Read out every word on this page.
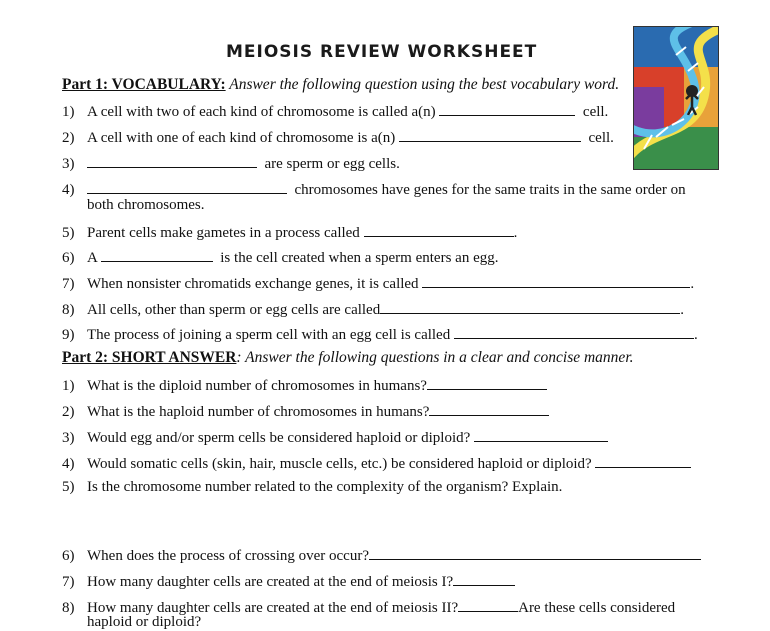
MEIOSIS REVIEW WORKSHEET
Part 1: VOCABULARY: Answer the following question using the best vocabulary word.
1) A cell with two of each kind of chromosome is called a(n)	cell.
2) A cell with one of each kind of chromosome is a(n)	cell.
3)	are sperm or egg cells.
4)	chromosomes have genes for the same traits in the same order on
both chromosomes.
5) Parent cells make gametes in a process called	.
6) A	is the cell created when a sperm enters an egg.
7) When nonsister chromatids exchange genes, it is called	.
8) All cells, other than sperm or egg cells are called	.
9) The process of joining a sperm cell with an egg cell is called	.
Part 2: SHORT ANSWER: Answer the following questions in a clear and concise manner.
1) What is the diploid number of chromosomes in humans?
2) What is the haploid number of chromosomes in humans?
3) Would egg and/or sperm cells be considered haploid or diploid?
4) Would somatic cells (skin, hair, muscle cells, etc.) be considered haploid or diploid?
5) Is the chromosome number related to the complexity of the organism? Explain.
6) When does the process of crossing over occur?
7) How many daughter cells are created at the end of meiosis I?
8) How many daughter cells are created at the end of meiosis II?	Are these cells considered
haploid or diploid?
